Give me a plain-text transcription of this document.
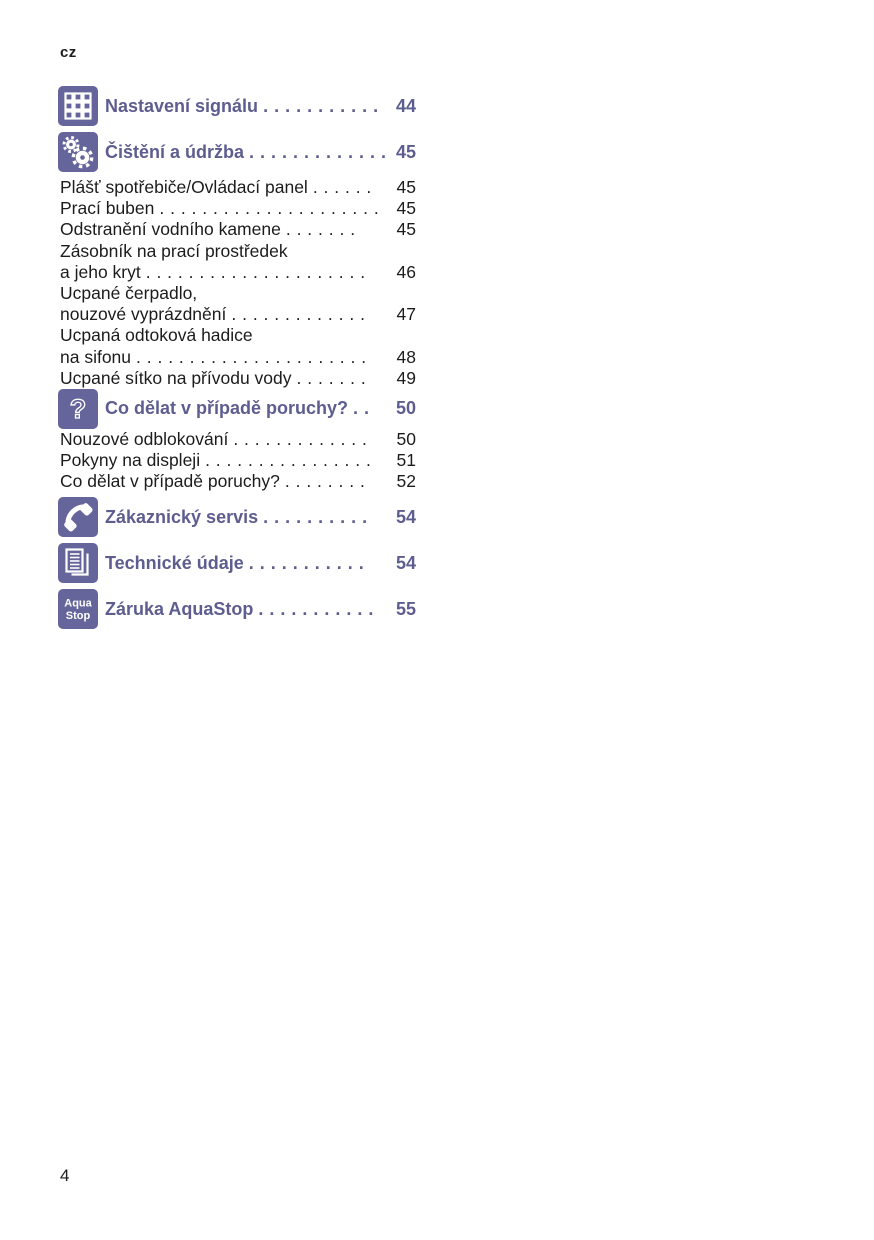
cz
Nastavení signálu . . . . . . . . . . . 44
Čištění a údržba . . . . . . . . . . . . . 45
Plášť spotřebiče/Ovládací panel . . . . . .	45
Prací buben . . . . . . . . . . . . . . . . . . . . . 45
Odstranění vodního kamene . . . . . . .	45
Zásobník na prací prostředek
a jeho kryt . . . . . . . . . . . . . . . . . . . . .	46
Ucpané čerpadlo,
nouzové vyprázdnění . . . . . . . . . . . . .	47
Ucpaná odtoková hadice
na sifonu . . . . . . . . . . . . . . . . . . . . . .	48
Ucpané sítko na přívodu vody . . . . . . .	49
? Co dělat v případě poruchy? . .	50
Nouzové odblokování . . . . . . . . . . . . .	50
Pokyny na displeji . . . . . . . . . . . . . . . .	51
Co dělat v případě poruchy? . . . . . . . .	52
Zákaznický servis . . . . . . . . . .	54
Technické údaje . . . . . . . . . . .	54
Aqua
Stop Záruka AquaStop . . . . . . . . . . .	55
4
